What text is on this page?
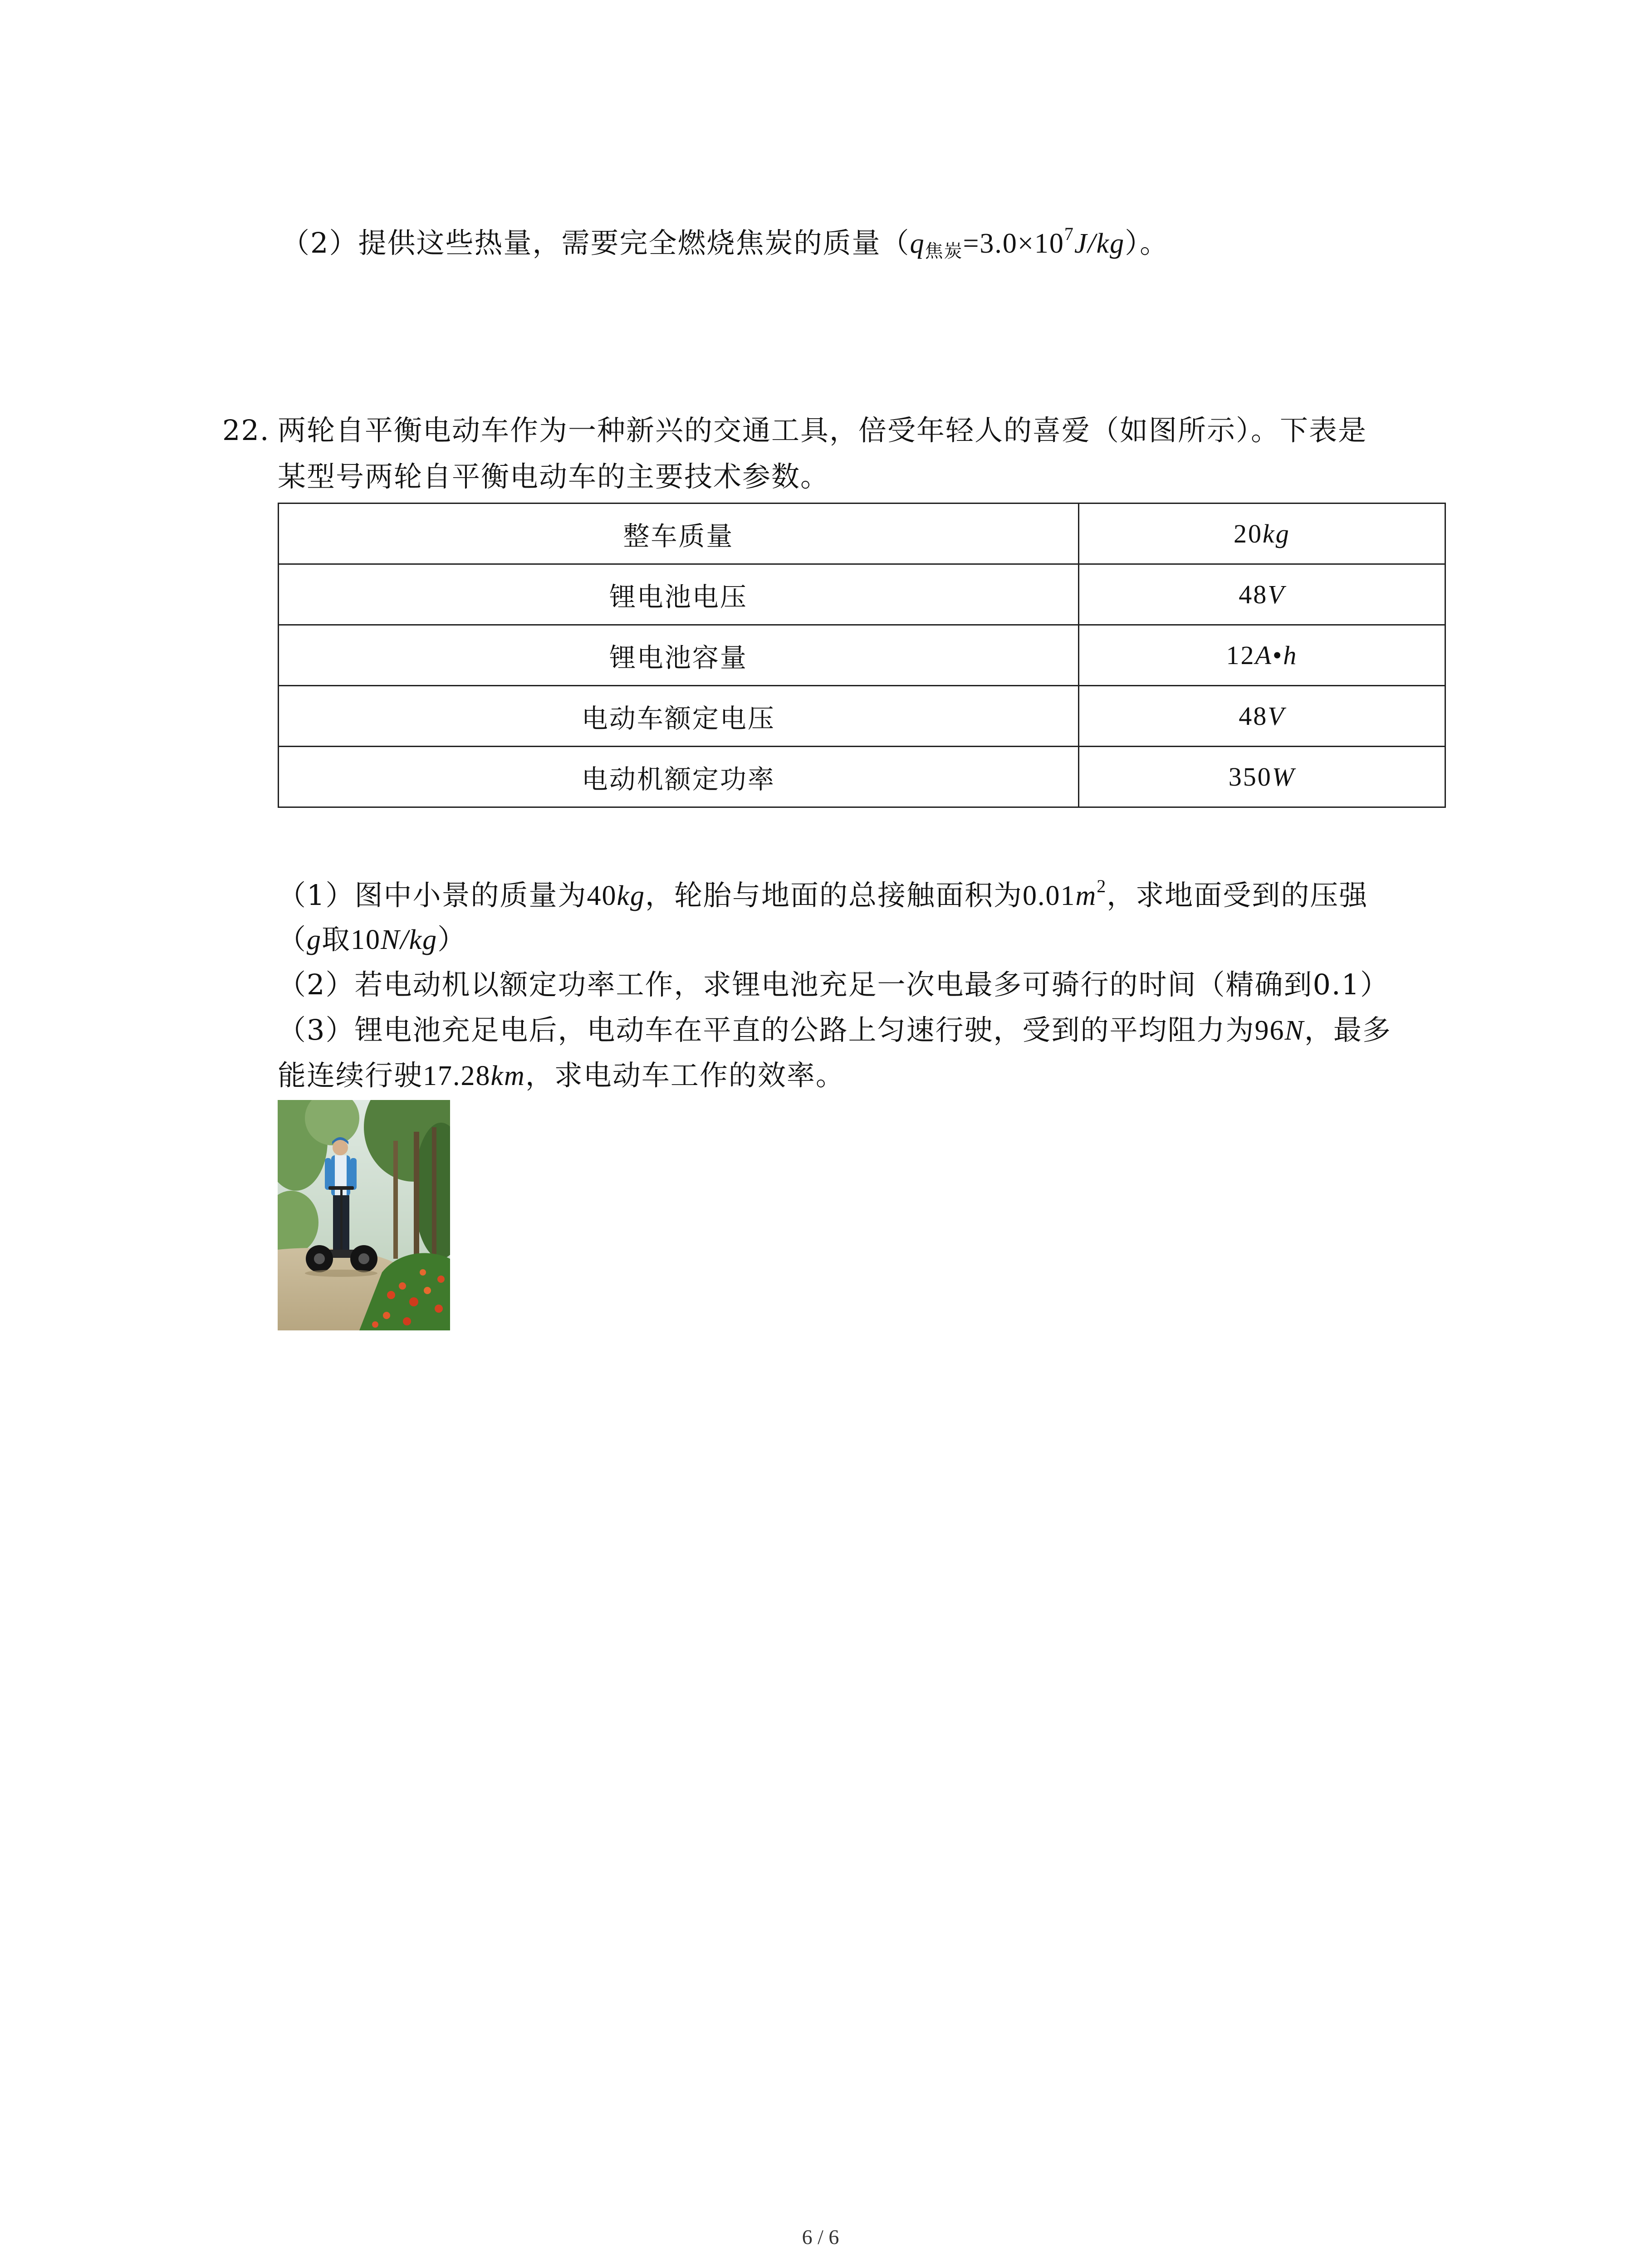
（2）提供这些热量，需要完全燃烧焦炭的质量$(q_{焦炭}=3.0\times 10^7J/kg)$。
22. 两轮自平衡电动车作为一种新兴的交通工具，倍受年轻人的喜爱（如图所示）。下表是
某型号两轮自平衡电动车的主要技术参数。
整车质量	20kg
锂电池电压	48V
锂电池容量	12A•h
电动车额定电压	48V
电动机额定功率	350W
（1）图中小景的质量为40kg，轮胎与地面的总接触面积为$0.01m^2$，求地面受到的压强
（g取10N/kg）
（2）若电动机以额定功率工作，求锂电池充足一次电最多可骑行的时间（精确到0.1）
（3）锂电池充足电后，电动车在平直的公路上匀速行驶，受到的平均阻力为96N，最多
能连续行驶17.28km，求电动车工作的效率。
6 / 6
